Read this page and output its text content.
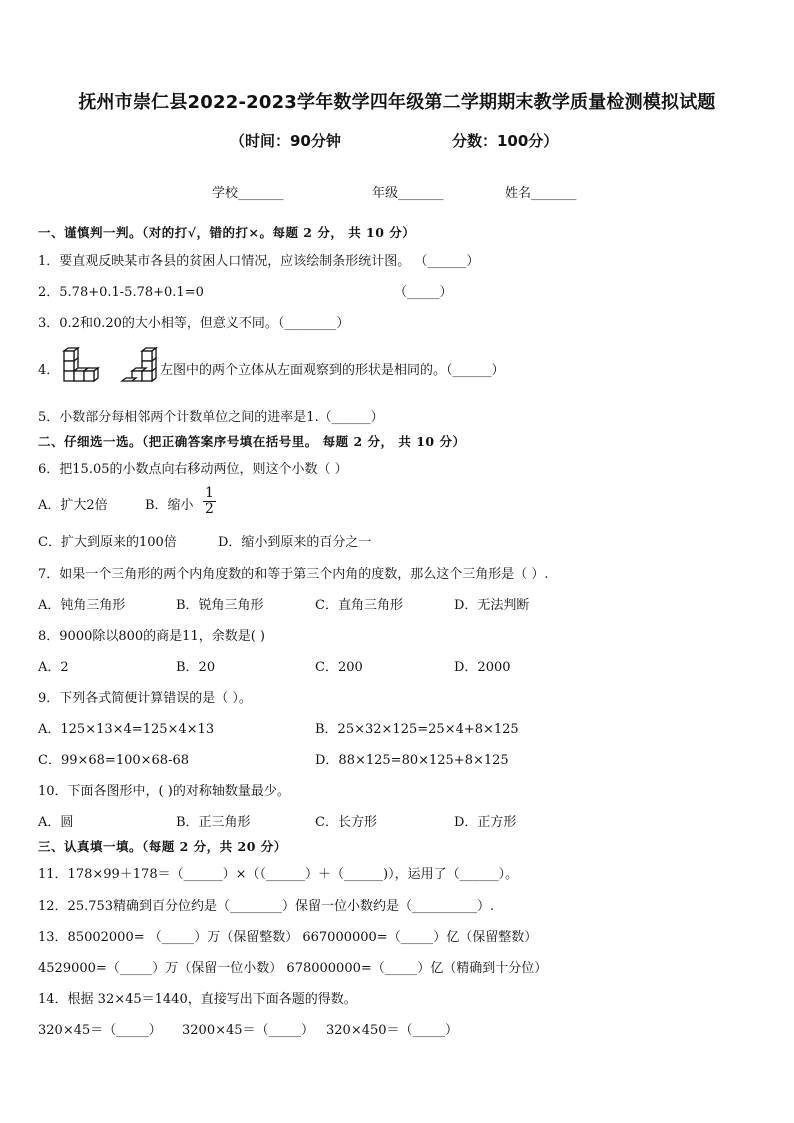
抚州市崇仁县2022-2023学年数学四年级第二学期期末教学质量检测模拟试题
（时间：90分钟	分数：100分）
学校_______	年级_______	姓名_______
一、谨慎判一判。（对的打√，错的打×。每题 2 分， 共 10 分）
1．要直观反映某市各县的贫困人口情况，应该绘制条形统计图。 （______）
2．5.78+0.1-5.78+0.1=0	（_____）
3．0.2和0.20的大小相等，但意义不同。（________）
4．	左图中的两个立体从左面观察到的形状是相同的。（______）
5．小数部分每相邻两个计数单位之间的进率是1.（______）
二、仔细选一选。（把正确答案序号填在括号里。 每题 2 分， 共 10 分）
6．把15.05的小数点向右移动两位，则这个小数（ ）
A．扩大2倍	B．缩小 $\frac{1}{2}$
C．扩大到原来的100倍	D．缩小到原来的百分之一
7．如果一个三角形的两个内角度数的和等于第三个内角的度数，那么这个三角形是（ ）.
A．钝角三角形	B．锐角三角形	C．直角三角形	D．无法判断
8．9000除以800的商是11，余数是( )
A．2	B．20	C．200	D．2000
9．下列各式简便计算错误的是（ ）。
A．125×13×4=125×4×13	B．25×32×125=25×4+8×125
C．99×68=100×68-68	D．88×125=80×125+8×125
10．下面各图形中，( )的对称轴数量最少。
A．圆	B．正三角形	C．长方形	D．正方形
三、认真填一填。（每题 2 分，共 20 分）
11．178×99＋178＝（______）×（（______）＋（______)），运用了（______）。
12．25.753精确到百分位约是（________）保留一位小数约是（__________）.
13．85002000= （_____）万（保留整数） 667000000=（_____）亿（保留整数）
4529000=（_____）万（保留一位小数） 678000000=（_____）亿（精确到十分位）
14．根据 32×45＝1440，直接写出下面各题的得数。
320×45＝（_____） 3200×45＝（_____） 320×450＝（_____）
